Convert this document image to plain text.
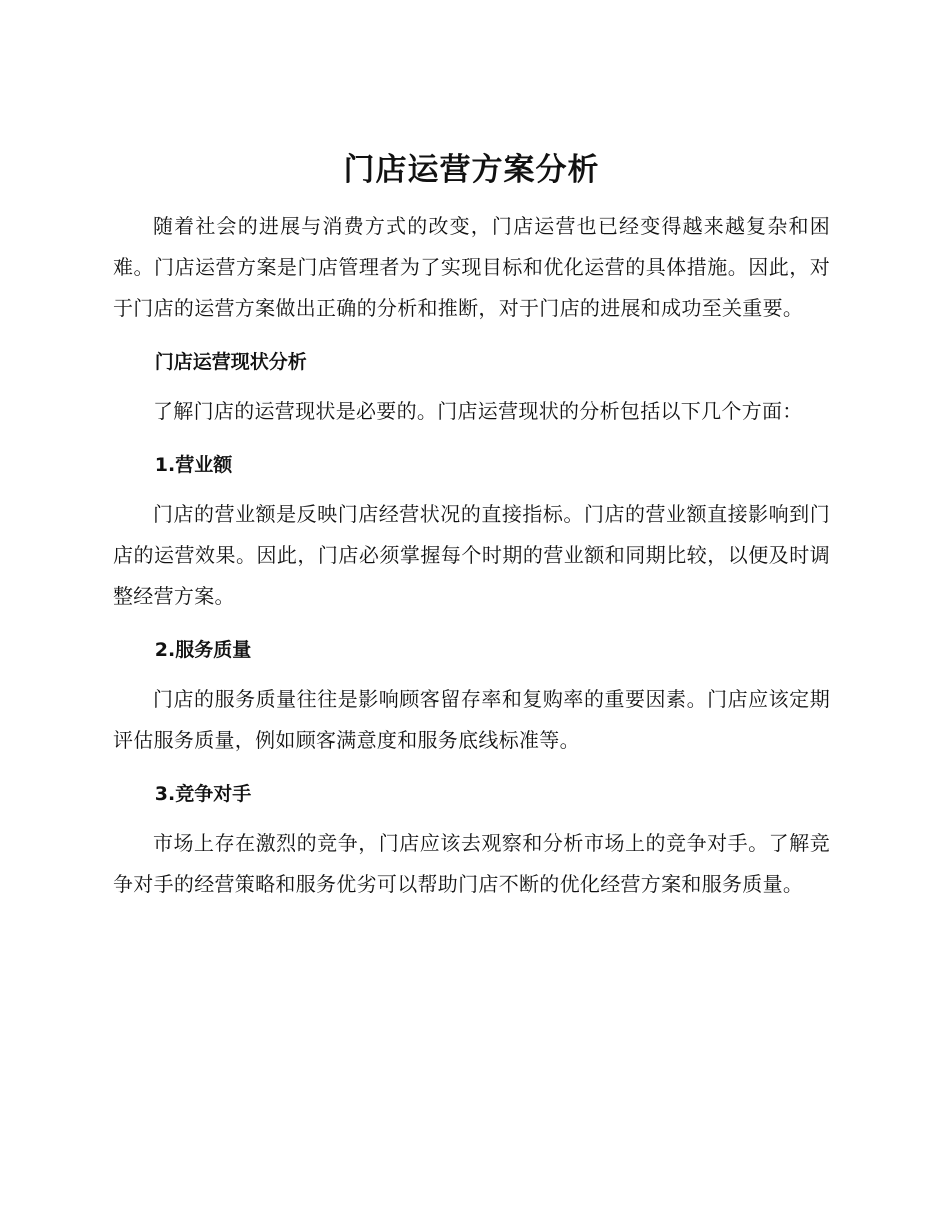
门店运营方案分析

随着社会的进展与消费方式的改变，门店运营也已经变得越来越复杂和困难。门店运营方案是门店管理者为了实现目标和优化运营的具体措施。因此，对于门店的运营方案做出正确的分析和推断，对于门店的进展和成功至关重要。

门店运营现状分析

了解门店的运营现状是必要的。门店运营现状的分析包括以下几个方面：

1.营业额

门店的营业额是反映门店经营状况的直接指标。门店的营业额直接影响到门店的运营效果。因此，门店必须掌握每个时期的营业额和同期比较，以便及时调整经营方案。

2.服务质量

门店的服务质量往往是影响顾客留存率和复购率的重要因素。门店应该定期评估服务质量，例如顾客满意度和服务底线标准等。

3.竞争对手

市场上存在激烈的竞争，门店应该去观察和分析市场上的竞争对手。了解竞争对手的经营策略和服务优劣可以帮助门店不断的优化经营方案和服务质量。
